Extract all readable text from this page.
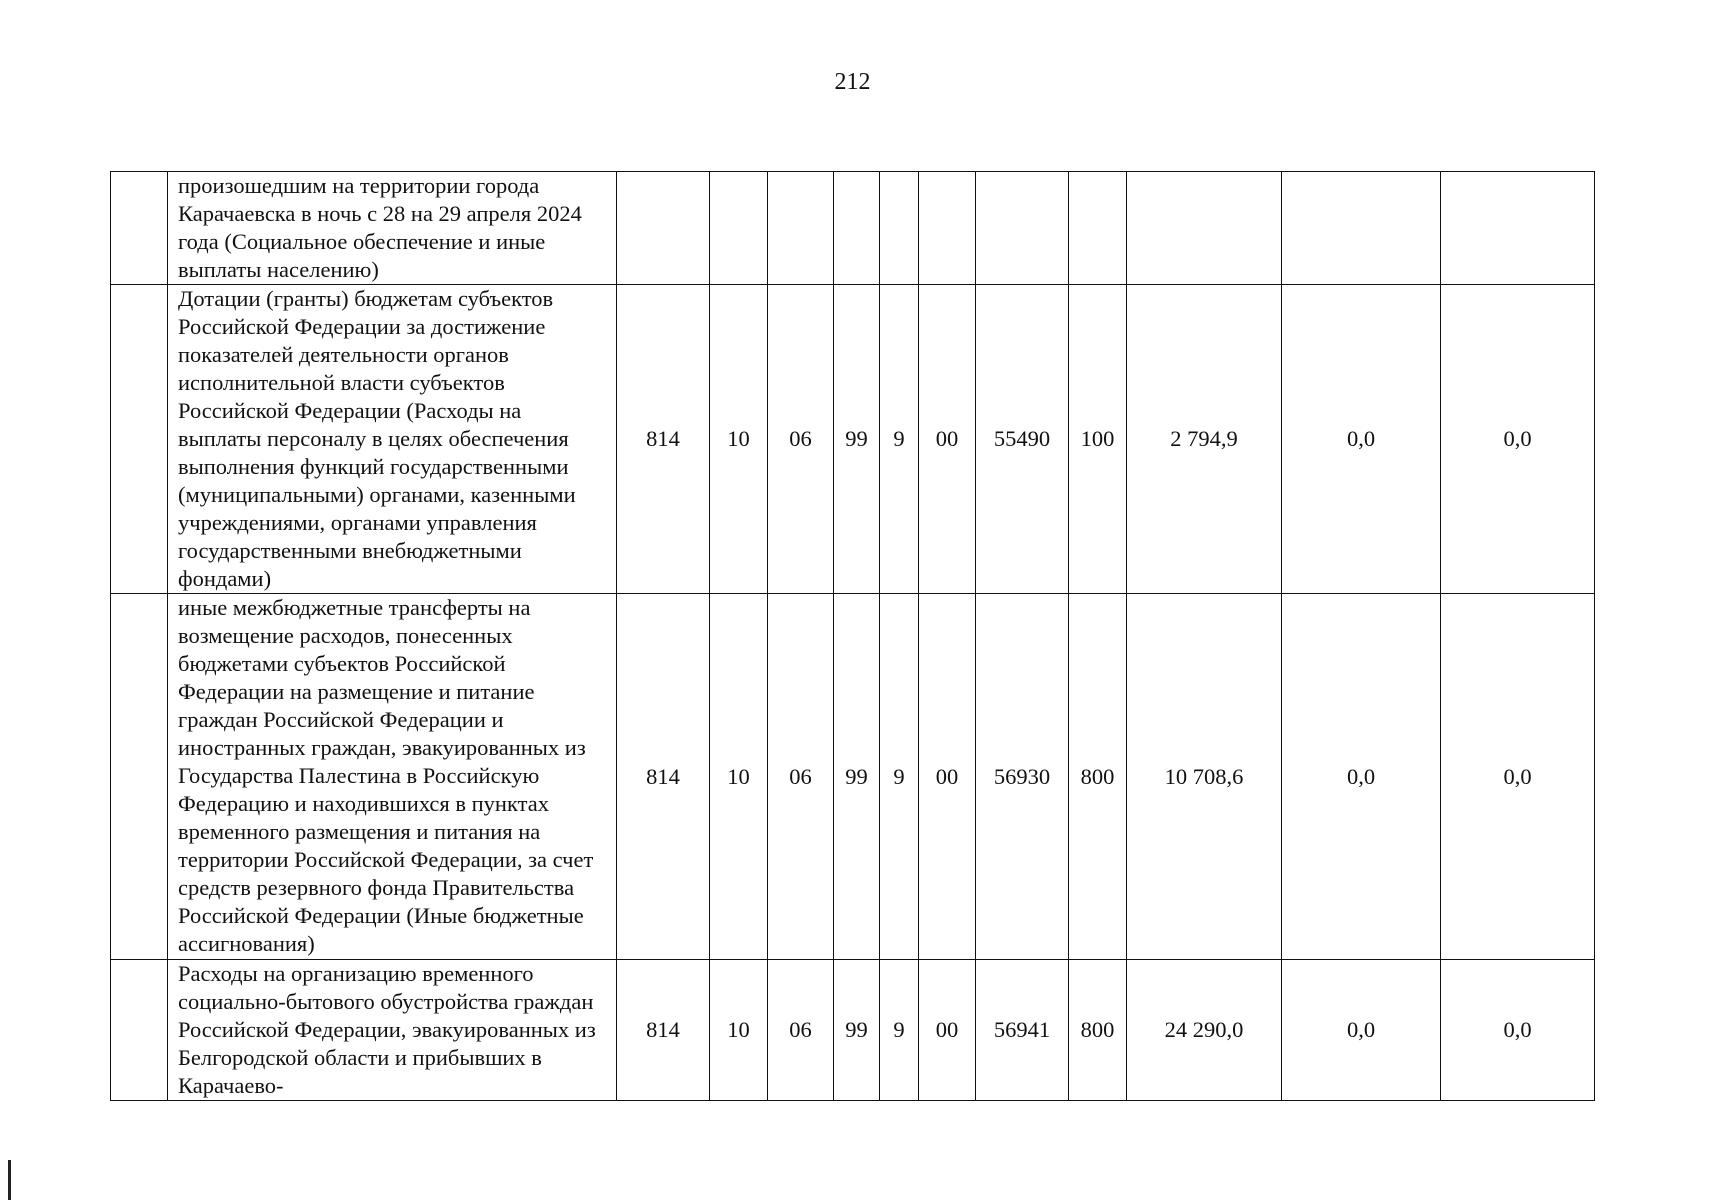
212
	произошедшим на территории города Карачаевска в ночь с 28 на 29 апреля 2024 года (Социальное обеспечение и иные выплаты населению)											
	Дотации (гранты) бюджетам субъектов Российской Федерации за достижение показателей деятельности органов исполнительной власти субъектов Российской Федерации (Расходы на выплаты персоналу в целях обеспечения выполнения функций государственными (муниципальными) органами, казенными учреждениями, органами управления государственными внебюджетными фондами)	814	10	06	99	9	00	55490	100	2 794,9	0,0	0,0
	иные межбюджетные трансферты на возмещение расходов, понесенных бюджетами субъектов Российской Федерации на размещение и питание граждан Российской Федерации и иностранных граждан, эвакуированных из Государства Палестина в Российскую Федерацию и находившихся в пунктах временного размещения и питания на территории Российской Федерации, за счет средств резервного фонда Правительства Российской Федерации (Иные бюджетные ассигнования)	814	10	06	99	9	00	56930	800	10 708,6	0,0	0,0
	Расходы на организацию временного социально-бытового обустройства граждан Российской Федерации, эвакуированных из Белгородской области и прибывших в Карачаево-	814	10	06	99	9	00	56941	800	24 290,0	0,0	0,0
